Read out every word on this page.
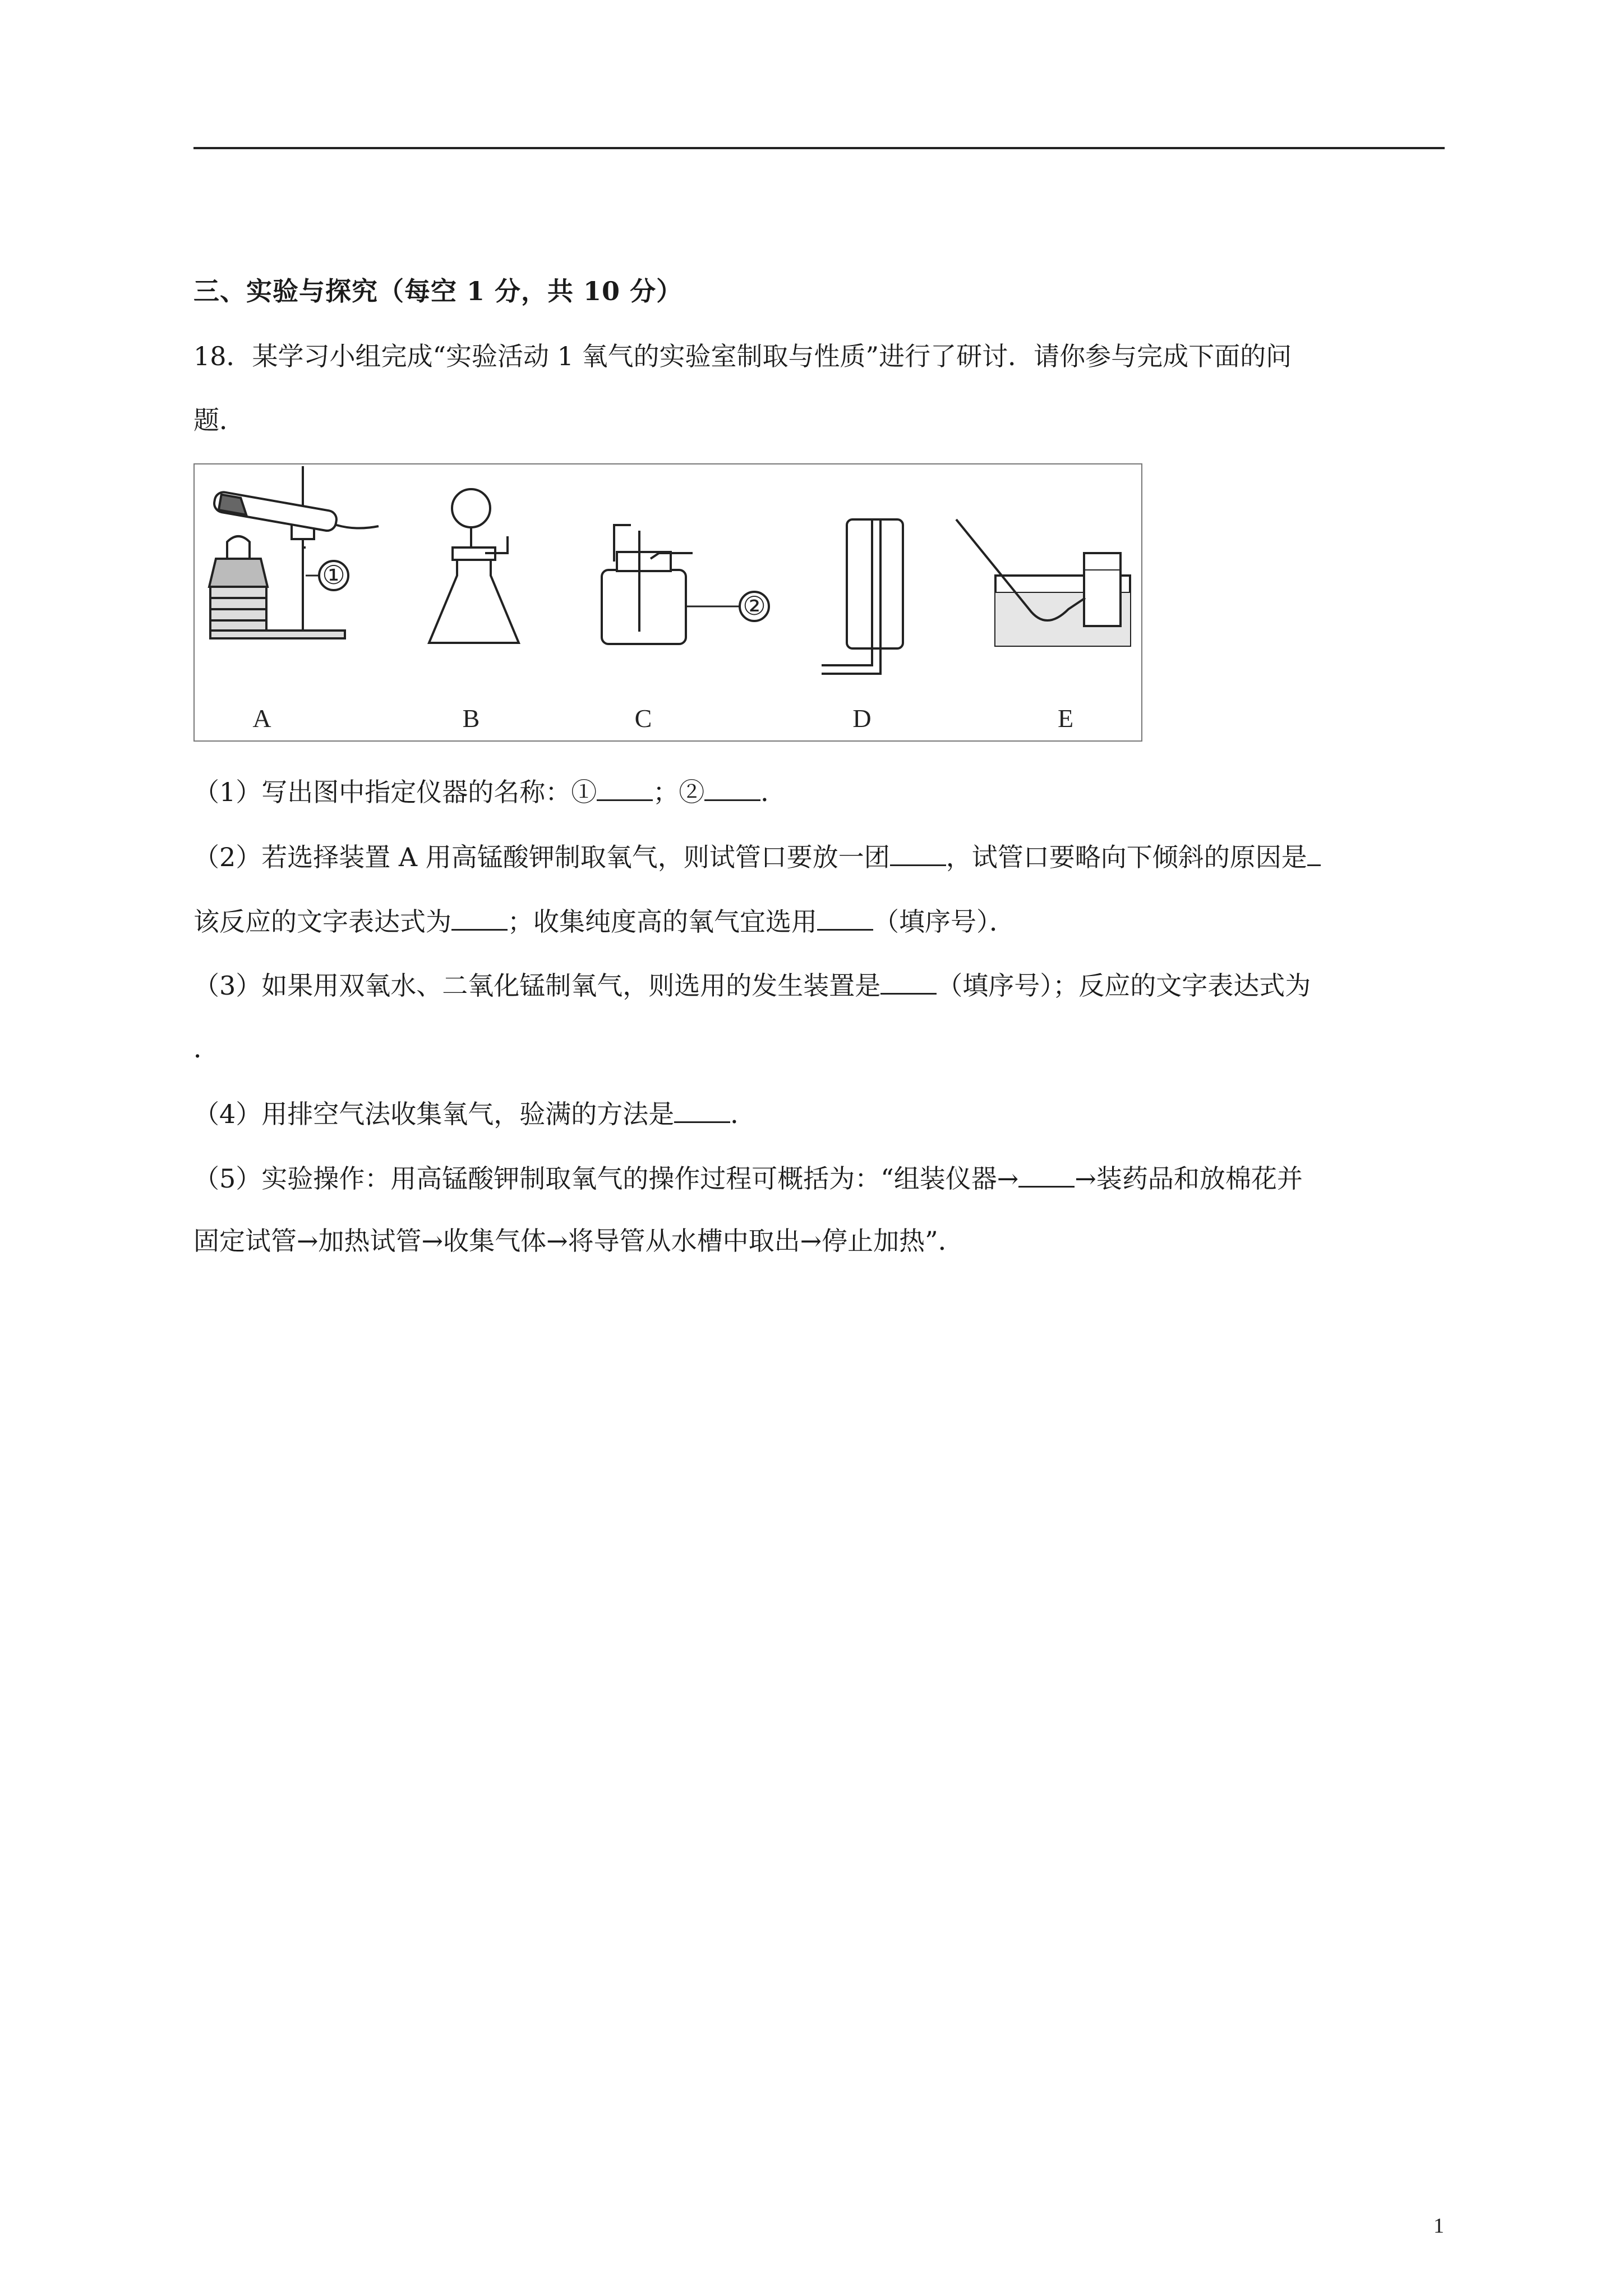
三、实验与探究（每空 1 分，共 10 分）
18．某学习小组完成“实验活动 1 氧气的实验室制取与性质”进行了研讨．请你参与完成下面的问
题．
A	B	C	D	E
①
②
（1）写出图中指定仪器的名称：① ；② ．
（2）若选择装置 A 用高锰酸钾制取氧气，则试管口要放一团 ，试管口要略向下倾斜的原因是
该反应的文字表达式为 ；收集纯度高的氧气宜选用 （填序号）．
（3）如果用双氧水、二氧化锰制氧气，则选用的发生装置是 （填序号）；反应的文字表达式为
．
（4）用排空气法收集氧气，验满的方法是 ．
（5）实验操作：用高锰酸钾制取氧气的操作过程可概括为：“组装仪器→ →装药品和放棉花并
固定试管→加热试管→收集气体→将导管从水槽中取出→停止加热”．
1
